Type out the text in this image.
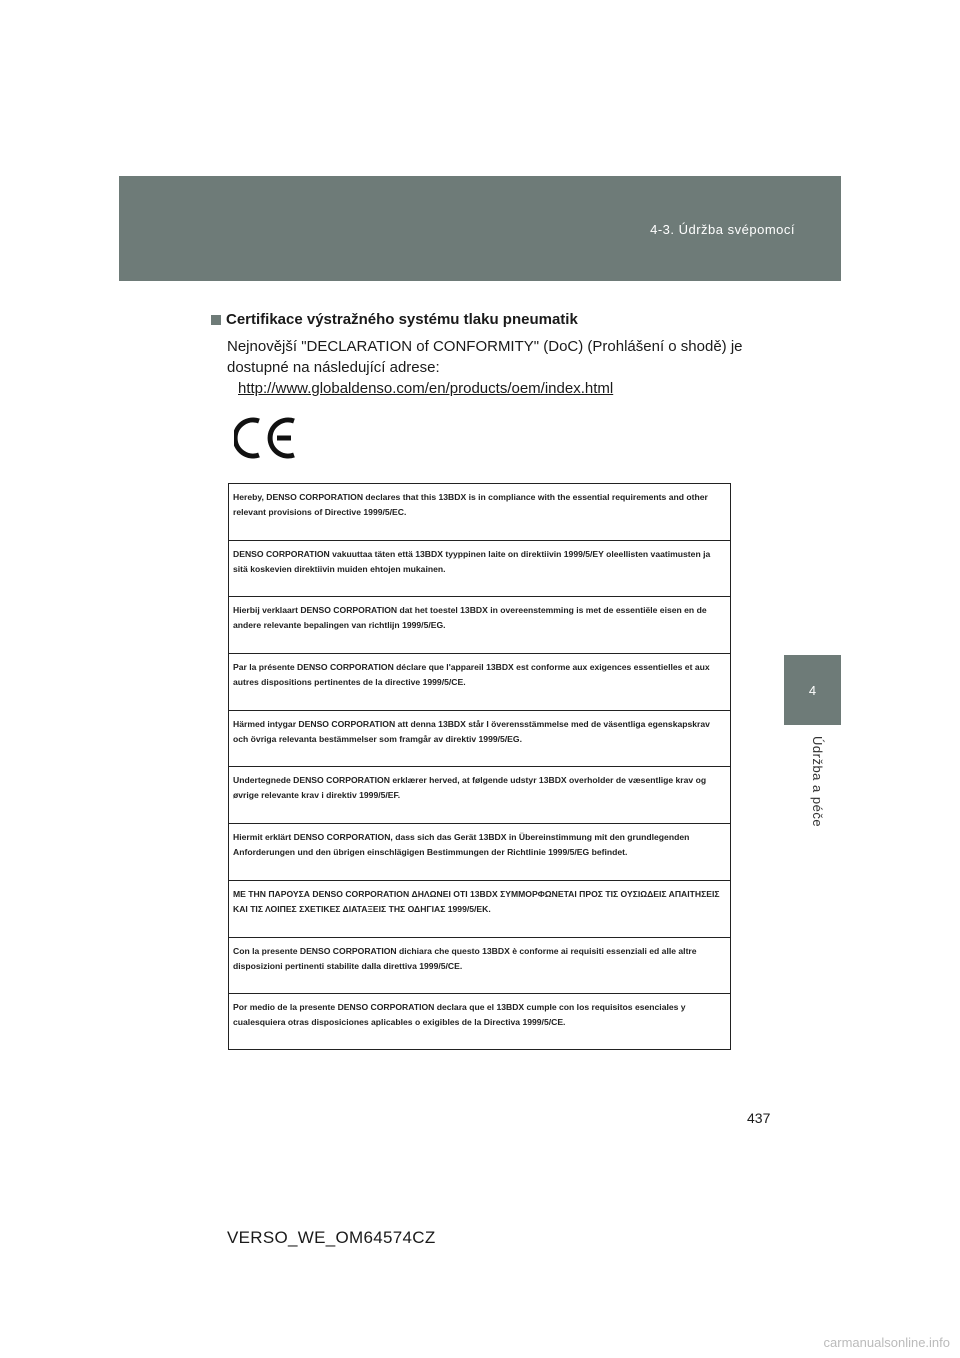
4-3. Údržba svépomocí
4
Údržba a péče
Certifikace výstražného systému tlaku pneumatik
Nejnovější "DECLARATION of CONFORMITY" (DoC) (Prohlášení o shodě) je dostupné na následující adrese:
http://www.globaldenso.com/en/products/oem/index.html
Hereby, DENSO CORPORATION declares that this 13BDX is in compliance with the essential requirements and other relevant provisions of Directive 1999/5/EC.
DENSO CORPORATION vakuuttaa täten että 13BDX tyyppinen laite on direktiivin 1999/5/EY oleellisten vaatimusten ja sitä koskevien direktiivin muiden ehtojen mukainen.
Hierbij verklaart DENSO CORPORATION dat het toestel 13BDX in overeenstemming is met de essentiële eisen en de andere relevante bepalingen van richtlijn 1999/5/EG.
Par la présente DENSO CORPORATION déclare que l'appareil 13BDX est conforme aux exigences essentielles et aux autres dispositions pertinentes de la directive 1999/5/CE.
Härmed intygar DENSO CORPORATION att denna 13BDX står I överensstämmelse med de väsentliga egenskapskrav och övriga relevanta bestämmelser som framgår av direktiv 1999/5/EG.
Undertegnede DENSO CORPORATION erklærer herved, at følgende udstyr 13BDX overholder de væsentlige krav og øvrige relevante krav i direktiv 1999/5/EF.
Hiermit erklärt DENSO CORPORATION, dass sich das Gerät 13BDX in Übereinstimmung mit den grundlegenden Anforderungen und den übrigen einschlägigen Bestimmungen der Richtlinie 1999/5/EG befindet.
ΜΕ ΤΗΝ ΠΑΡΟΥΣΑ DENSO CORPORATION ΔΗΛΩΝΕΙ ΟΤΙ 13BDX ΣΥΜΜΟΡΦΩΝΕΤΑΙ ΠΡΟΣ ΤΙΣ ΟΥΣΙΩΔΕΙΣ ΑΠΑΙΤΗΣΕΙΣ ΚΑΙ ΤΙΣ ΛΟΙΠΕΣ ΣΧΕΤΙΚΕΣ ΔΙΑΤΑΞΕΙΣ ΤΗΣ ΟΔΗΓΙΑΣ 1999/5/ΕΚ.
Con la presente DENSO CORPORATION dichiara che questo 13BDX è conforme ai requisiti essenziali ed alle altre disposizioni pertinenti stabilite dalla direttiva 1999/5/CE.
Por medio de la presente DENSO CORPORATION declara que el 13BDX cumple con los requisitos esenciales y cualesquiera otras disposiciones aplicables o exigibles de la Directiva 1999/5/CE.
437
VERSO_WE_OM64574CZ
carmanualsonline.info
